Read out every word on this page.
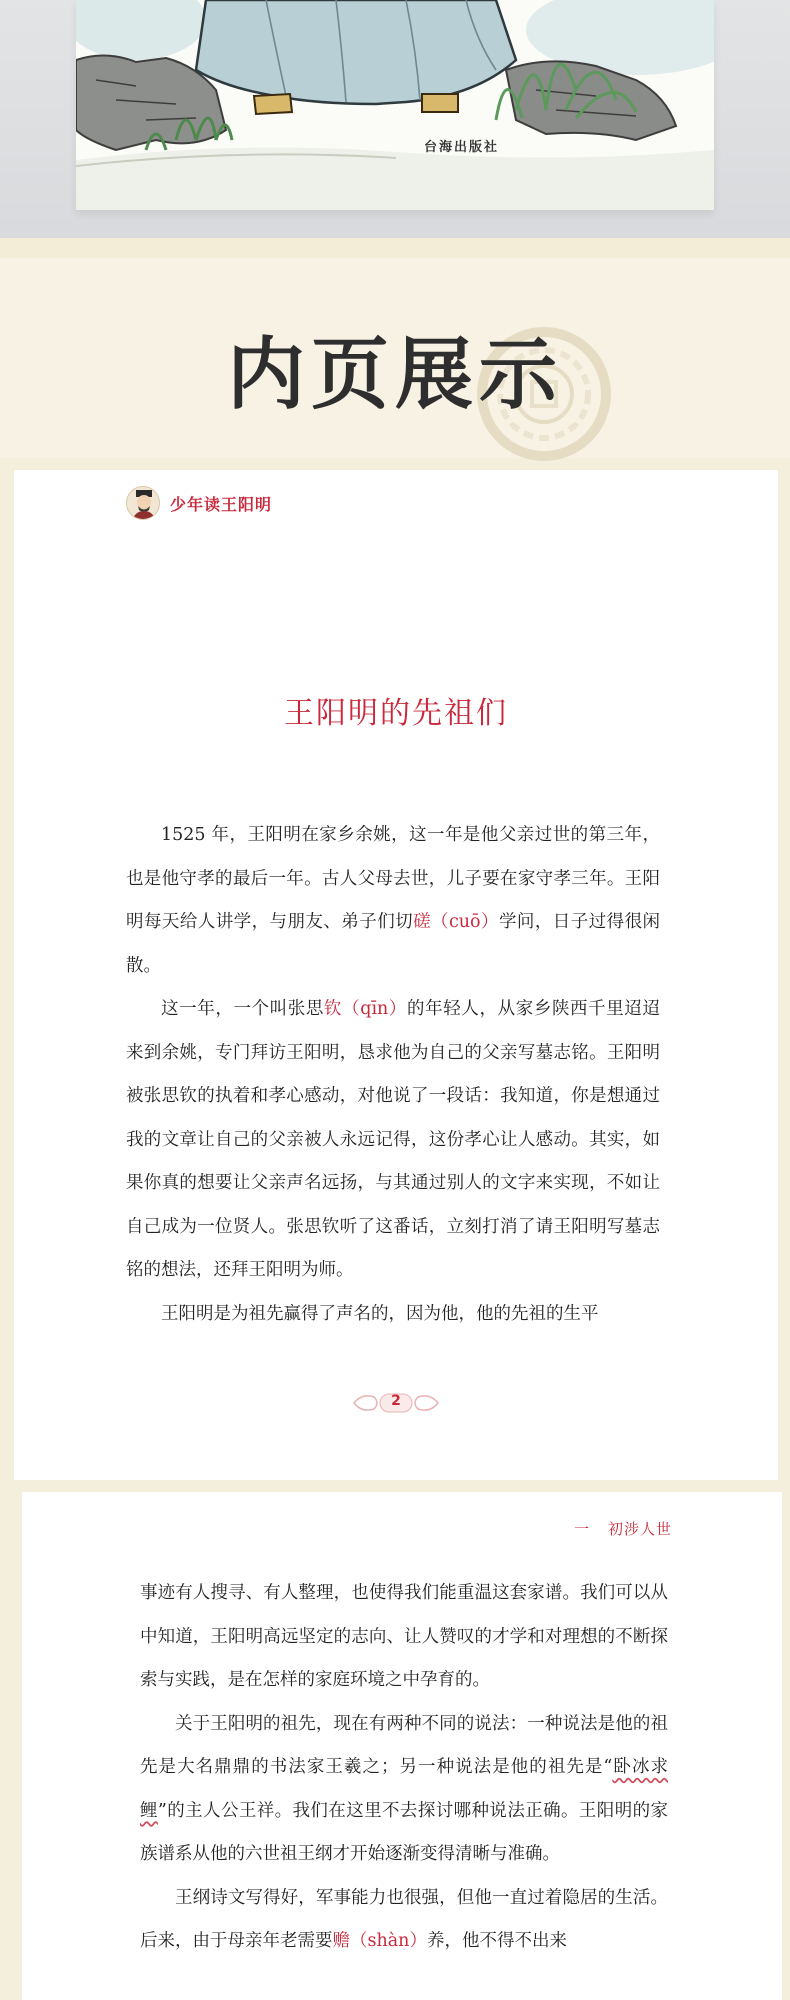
台海出版社
内页展示
少年读王阳明
王阳明的先祖们

1525 年，王阳明在家乡余姚，这一年是他父亲过世的第三年，也是他守孝的最后一年。古人父母去世，儿子要在家守孝三年。王阳明每天给人讲学，与朋友、弟子们切磋（cuō）学问，日子过得很闲散。

这一年，一个叫张思钦（qīn）的年轻人，从家乡陕西千里迢迢来到余姚，专门拜访王阳明，恳求他为自己的父亲写墓志铭。王阳明被张思钦的执着和孝心感动，对他说了一段话：我知道，你是想通过我的文章让自己的父亲被人永远记得，这份孝心让人感动。其实，如果你真的想要让父亲声名远扬，与其通过别人的文字来实现，不如让自己成为一位贤人。张思钦听了这番话，立刻打消了请王阳明写墓志铭的想法，还拜王阳明为师。

王阳明是为祖先赢得了声名的，因为他，他的先祖的生平

2
一 初涉人世

事迹有人搜寻、有人整理，也使得我们能重温这套家谱。我们可以从中知道，王阳明高远坚定的志向、让人赞叹的才学和对理想的不断探索与实践，是在怎样的家庭环境之中孕育的。

关于王阳明的祖先，现在有两种不同的说法：一种说法是他的祖先是大名鼎鼎的书法家王羲之；另一种说法是他的祖先是“卧冰求鲤”的主人公王祥。我们在这里不去探讨哪种说法正确。王阳明的家族谱系从他的六世祖王纲才开始逐渐变得清晰与准确。

王纲诗文写得好，军事能力也很强，但他一直过着隐居的生活。后来，由于母亲年老需要赡（shàn）养，他不得不出来
